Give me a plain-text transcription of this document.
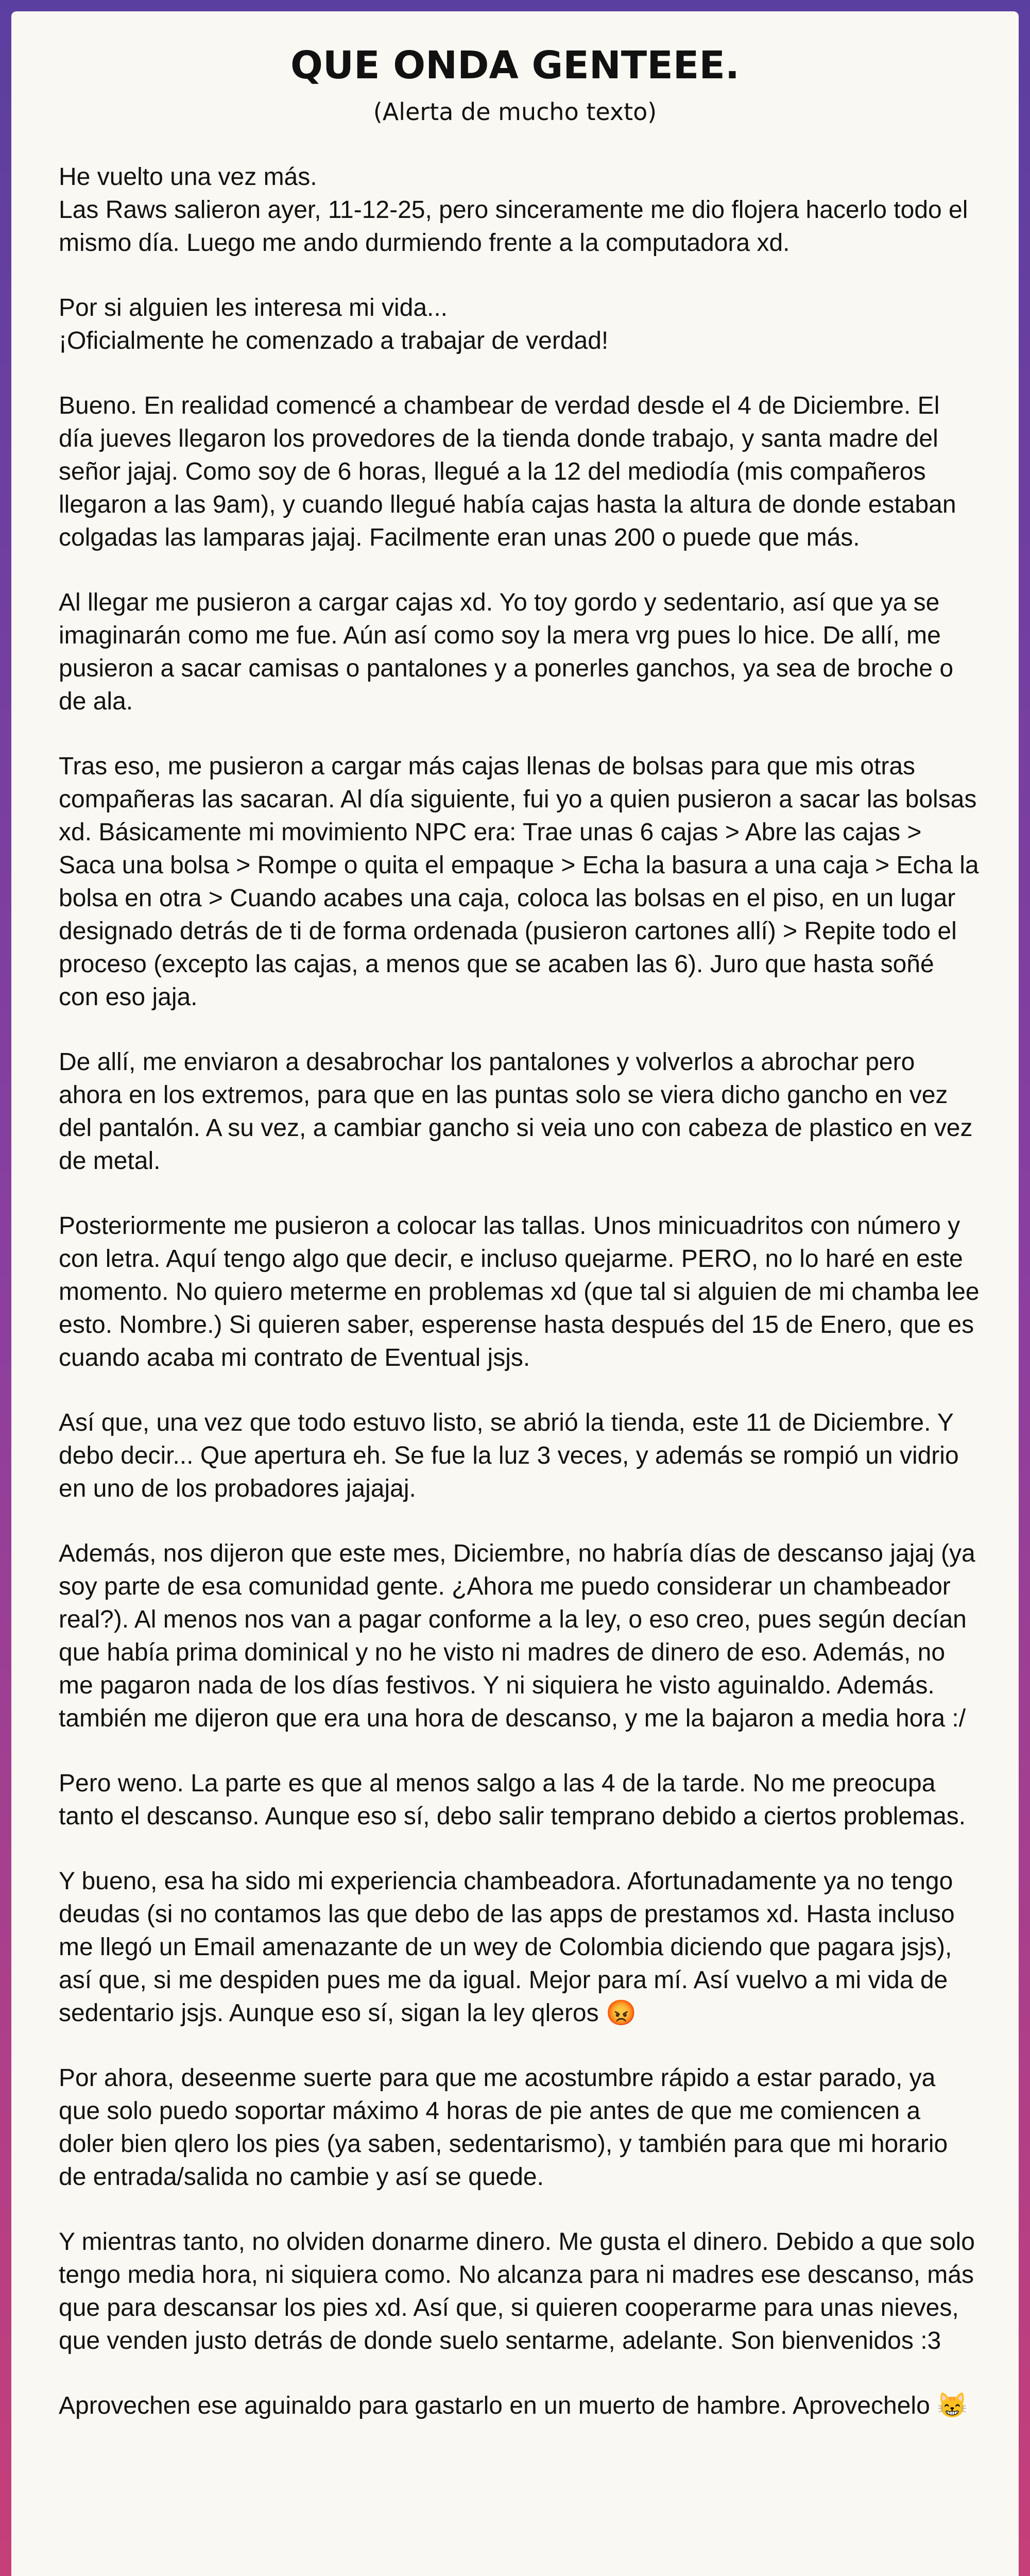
QUE ONDA GENTEEE.
(Alerta de mucho texto)

He vuelto una vez más.
Las Raws salieron ayer, 11-12-25, pero sinceramente me dio flojera hacerlo todo el mismo día. Luego me ando durmiendo frente a la computadora xd.

Por si alguien les interesa mi vida...
¡Oficialmente he comenzado a trabajar de verdad!

Bueno. En realidad comencé a chambear de verdad desde el 4 de Diciembre. El día jueves llegaron los provedores de la tienda donde trabajo, y santa madre del señor jajaj. Como soy de 6 horas, llegué a la 12 del mediodía (mis compañeros llegaron a las 9am), y cuando llegué había cajas hasta la altura de donde estaban colgadas las lamparas jajaj. Facilmente eran unas 200 o puede que más.

Al llegar me pusieron a cargar cajas xd. Yo toy gordo y sedentario, así que ya se imaginarán como me fue. Aún así como soy la mera vrg pues lo hice. De allí, me pusieron a sacar camisas o pantalones y a ponerles ganchos, ya sea de broche o de ala.

Tras eso, me pusieron a cargar más cajas llenas de bolsas para que mis otras compañeras las sacaran. Al día siguiente, fui yo a quien pusieron a sacar las bolsas xd. Básicamente mi movimiento NPC era: Trae unas 6 cajas > Abre las cajas > Saca una bolsa > Rompe o quita el empaque > Echa la basura a una caja > Echa la bolsa en otra > Cuando acabes una caja, coloca las bolsas en el piso, en un lugar designado detrás de ti de forma ordenada (pusieron cartones allí) > Repite todo el proceso (excepto las cajas, a menos que se acaben las 6). Juro que hasta soñé con eso jaja.

De allí, me enviaron a desabrochar los pantalones y volverlos a abrochar pero ahora en los extremos, para que en las puntas solo se viera dicho gancho en vez del pantalón. A su vez, a cambiar gancho si veia uno con cabeza de plastico en vez de metal.

Posteriormente me pusieron a colocar las tallas. Unos minicuadritos con número y con letra. Aquí tengo algo que decir, e incluso quejarme. PERO, no lo haré en este momento. No quiero meterme en problemas xd (que tal si alguien de mi chamba lee esto. Nombre.) Si quieren saber, esperense hasta después del 15 de Enero, que es cuando acaba mi contrato de Eventual jsjs.

Así que, una vez que todo estuvo listo, se abrió la tienda, este 11 de Diciembre. Y debo decir... Que apertura eh. Se fue la luz 3 veces, y además se rompió un vidrio en uno de los probadores jajajaj.

Además, nos dijeron que este mes, Diciembre, no habría días de descanso jajaj (ya soy parte de esa comunidad gente. ¿Ahora me puedo considerar un chambeador real?). Al menos nos van a pagar conforme a la ley, o eso creo, pues según decían que había prima dominical y no he visto ni madres de dinero de eso. Además, no me pagaron nada de los días festivos. Y ni siquiera he visto aguinaldo. Además. también me dijeron que era una hora de descanso, y me la bajaron a media hora :/

Pero weno. La parte es que al menos salgo a las 4 de la tarde. No me preocupa tanto el descanso. Aunque eso sí, debo salir temprano debido a ciertos problemas.

Y bueno, esa ha sido mi experiencia chambeadora. Afortunadamente ya no tengo deudas (si no contamos las que debo de las apps de prestamos xd. Hasta incluso me llegó un Email amenazante de un wey de Colombia diciendo que pagara jsjs), así que, si me despiden pues me da igual. Mejor para mí. Así vuelvo a mi vida de sedentario jsjs. Aunque eso sí, sigan la ley qleros 😡

Por ahora, deseenme suerte para que me acostumbre rápido a estar parado, ya que solo puedo soportar máximo 4 horas de pie antes de que me comiencen a doler bien qlero los pies (ya saben, sedentarismo), y también para que mi horario de entrada/salida no cambie y así se quede.

Y mientras tanto, no olviden donarme dinero. Me gusta el dinero. Debido a que solo tengo media hora, ni siquiera como. No alcanza para ni madres ese descanso, más que para descansar los pies xd. Así que, si quieren cooperarme para unas nieves, que venden justo detrás de donde suelo sentarme, adelante. Son bienvenidos :3

Aprovechen ese aguinaldo para gastarlo en un muerto de hambre. Aprovechelo 😸
